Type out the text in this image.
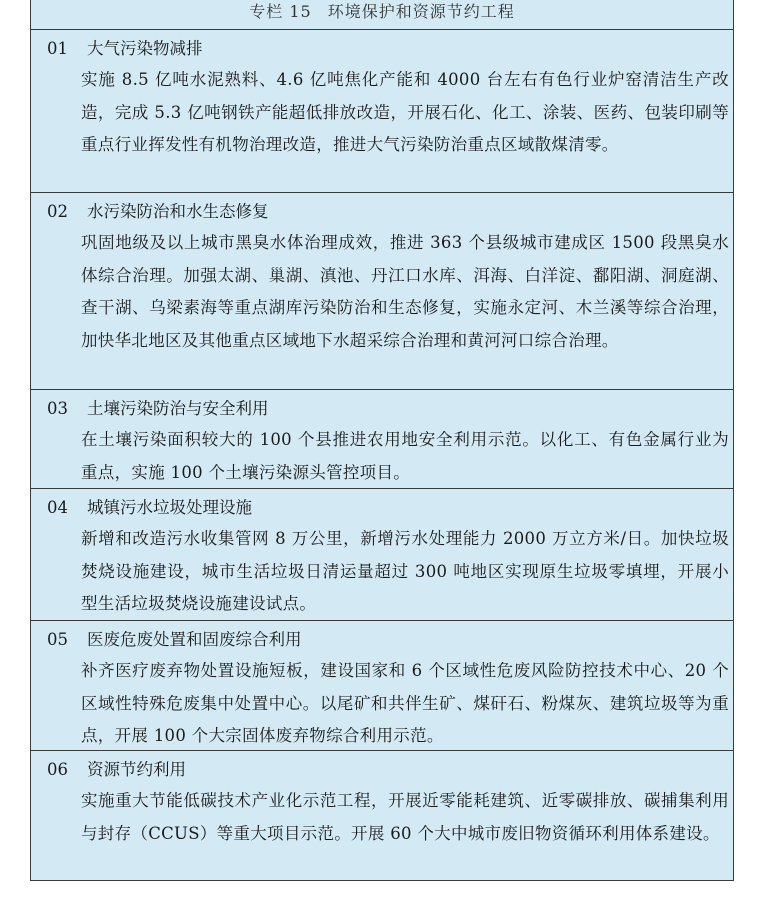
专栏 15 环境保护和资源节约工程
01 大气污染物减排
实施 8.5 亿吨水泥熟料、4.6 亿吨焦化产能和 4000 台左右有色行业炉窑清洁生产改造，完成 5.3 亿吨钢铁产能超低排放改造，开展石化、化工、涂装、医药、包装印刷等重点行业挥发性有机物治理改造，推进大气污染防治重点区域散煤清零。
02 水污染防治和水生态修复
巩固地级及以上城市黑臭水体治理成效，推进 363 个县级城市建成区 1500 段黑臭水体综合治理。加强太湖、巢湖、滇池、丹江口水库、洱海、白洋淀、鄱阳湖、洞庭湖、查干湖、乌梁素海等重点湖库污染防治和生态修复，实施永定河、木兰溪等综合治理，加快华北地区及其他重点区域地下水超采综合治理和黄河河口综合治理。
03 土壤污染防治与安全利用
在土壤污染面积较大的 100 个县推进农用地安全利用示范。以化工、有色金属行业为重点，实施 100 个土壤污染源头管控项目。
04 城镇污水垃圾处理设施
新增和改造污水收集管网 8 万公里，新增污水处理能力 2000 万立方米/日。加快垃圾焚烧设施建设，城市生活垃圾日清运量超过 300 吨地区实现原生垃圾零填埋，开展小型生活垃圾焚烧设施建设试点。
05 医废危废处置和固废综合利用
补齐医疗废弃物处置设施短板，建设国家和 6 个区域性危废风险防控技术中心、20 个区域性特殊危废集中处置中心。以尾矿和共伴生矿、煤矸石、粉煤灰、建筑垃圾等为重点，开展 100 个大宗固体废弃物综合利用示范。
06 资源节约利用
实施重大节能低碳技术产业化示范工程，开展近零能耗建筑、近零碳排放、碳捕集利用与封存（CCUS）等重大项目示范。开展 60 个大中城市废旧物资循环利用体系建设。
